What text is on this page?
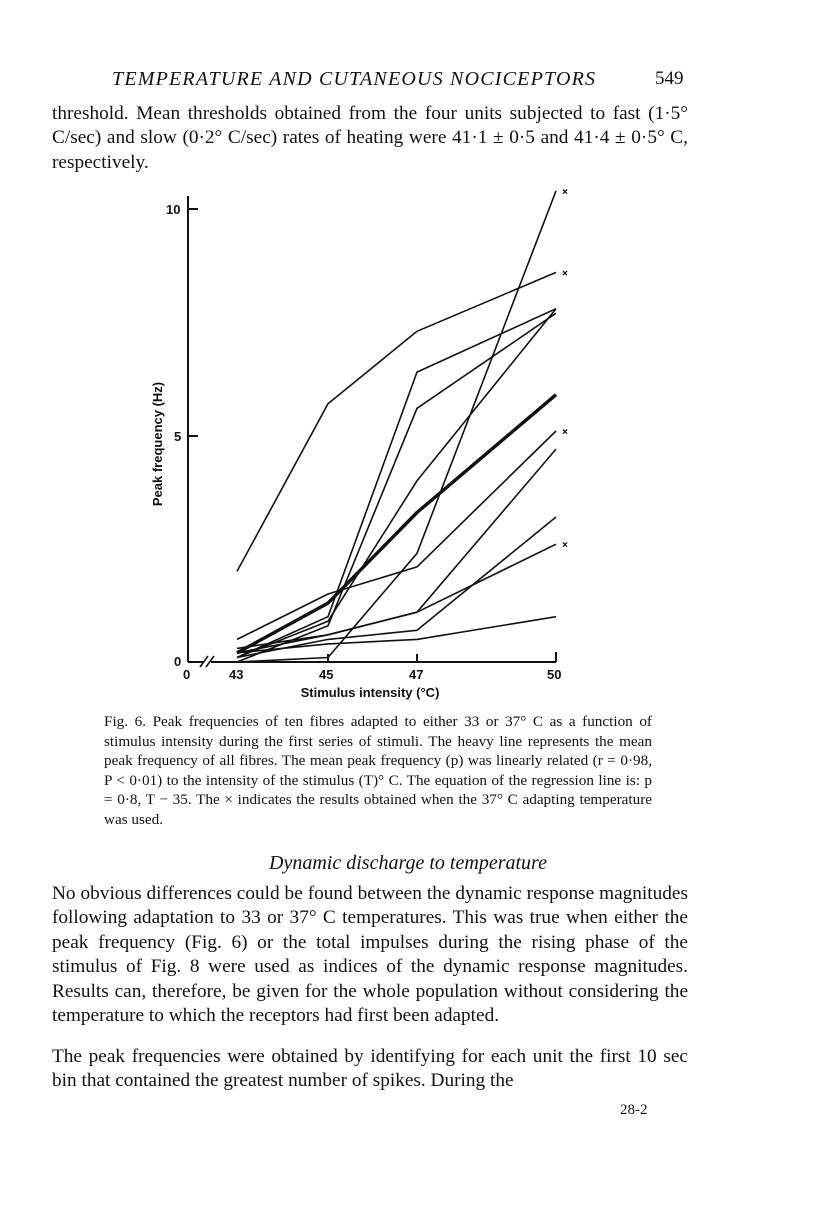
TEMPERATURE AND CUTANEOUS NOCICEPTORS	549

threshold. Mean thresholds obtained from the four units subjected to fast (1·5° C/sec) and slow (0·2° C/sec) rates of heating were 41·1 ± 0·5 and 41·4 ± 0·5° C, respectively.

0
5
10
0	43	45	47	50
Stimulus intensity (°C)
Peak frequency (Hz)
×
×
×
×
Fig. 6. Peak frequencies of ten fibres adapted to either 33 or 37° C as a function of stimulus intensity during the first series of stimuli. The heavy line represents the mean peak frequency of all fibres. The mean peak frequency (p) was linearly related (r = 0·98, P < 0·01) to the intensity of the stimulus (T)° C. The equation of the regression line is: p = 0·8, T − 35. The × indicates the results obtained when the 37° C adapting temperature was used.
Dynamic discharge to temperature

No obvious differences could be found between the dynamic response magnitudes following adaptation to 33 or 37° C temperatures. This was true when either the peak frequency (Fig. 6) or the total impulses during the rising phase of the stimulus of Fig. 8 were used as indices of the dynamic response magnitudes. Results can, therefore, be given for the whole population without considering the temperature to which the receptors had first been adapted.

The peak frequencies were obtained by identifying for each unit the first 10 sec bin that contained the greatest number of spikes. During the

28-2
